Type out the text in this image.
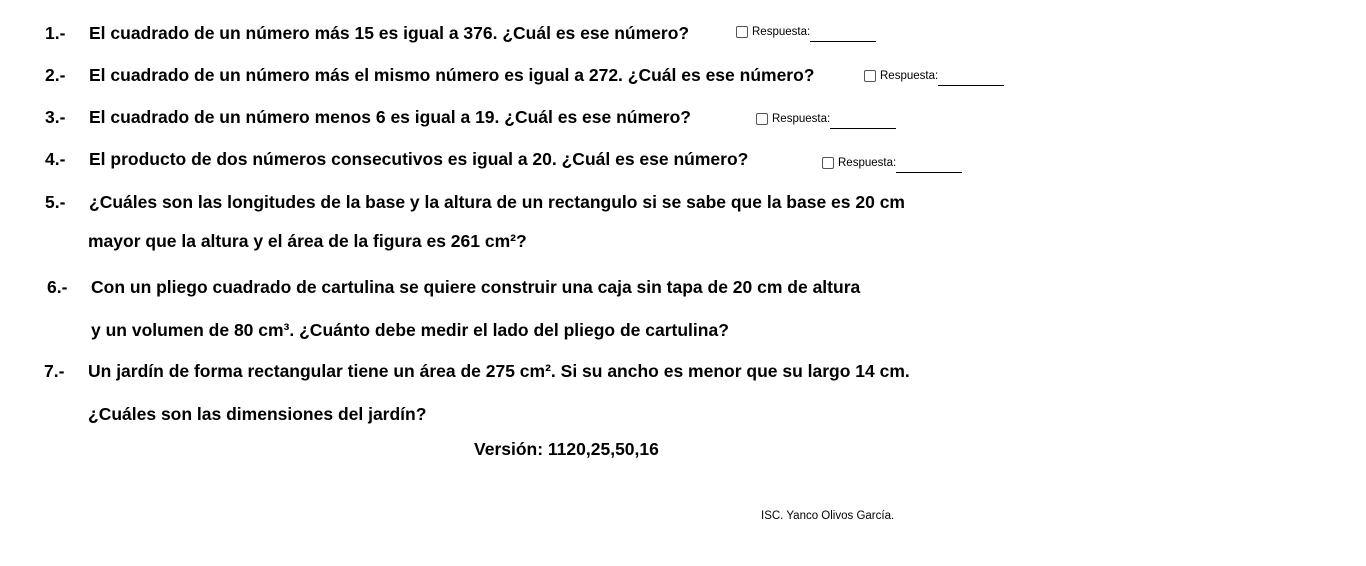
1.- El cuadrado de un número más 15 es igual a 376. ¿Cuál es ese número?	Respuesta:
2.- El cuadrado de un número más el mismo número es igual a 272. ¿Cuál es ese número?	Respuesta:
3.- El cuadrado de un número menos 6 es igual a 19. ¿Cuál es ese número?	Respuesta:
4.- El producto de dos números consecutivos es igual a 20. ¿Cuál es ese número?	Respuesta:
5.- ¿Cuáles son las longitudes de la base y la altura de un rectangulo si se sabe que la base es 20 cm
mayor que la altura y el área de la figura es 261 cm²?
6.- Con un pliego cuadrado de cartulina se quiere construir una caja sin tapa de 20 cm de altura
y un volumen de 80 cm³. ¿Cuánto debe medir el lado del pliego de cartulina?
7.- Un jardín de forma rectangular tiene un área de 275 cm². Si su ancho es menor que su largo 14 cm.
¿Cuáles son las dimensiones del jardín?
Versión: 1120,25,50,16
ISC. Yanco Olivos García.
